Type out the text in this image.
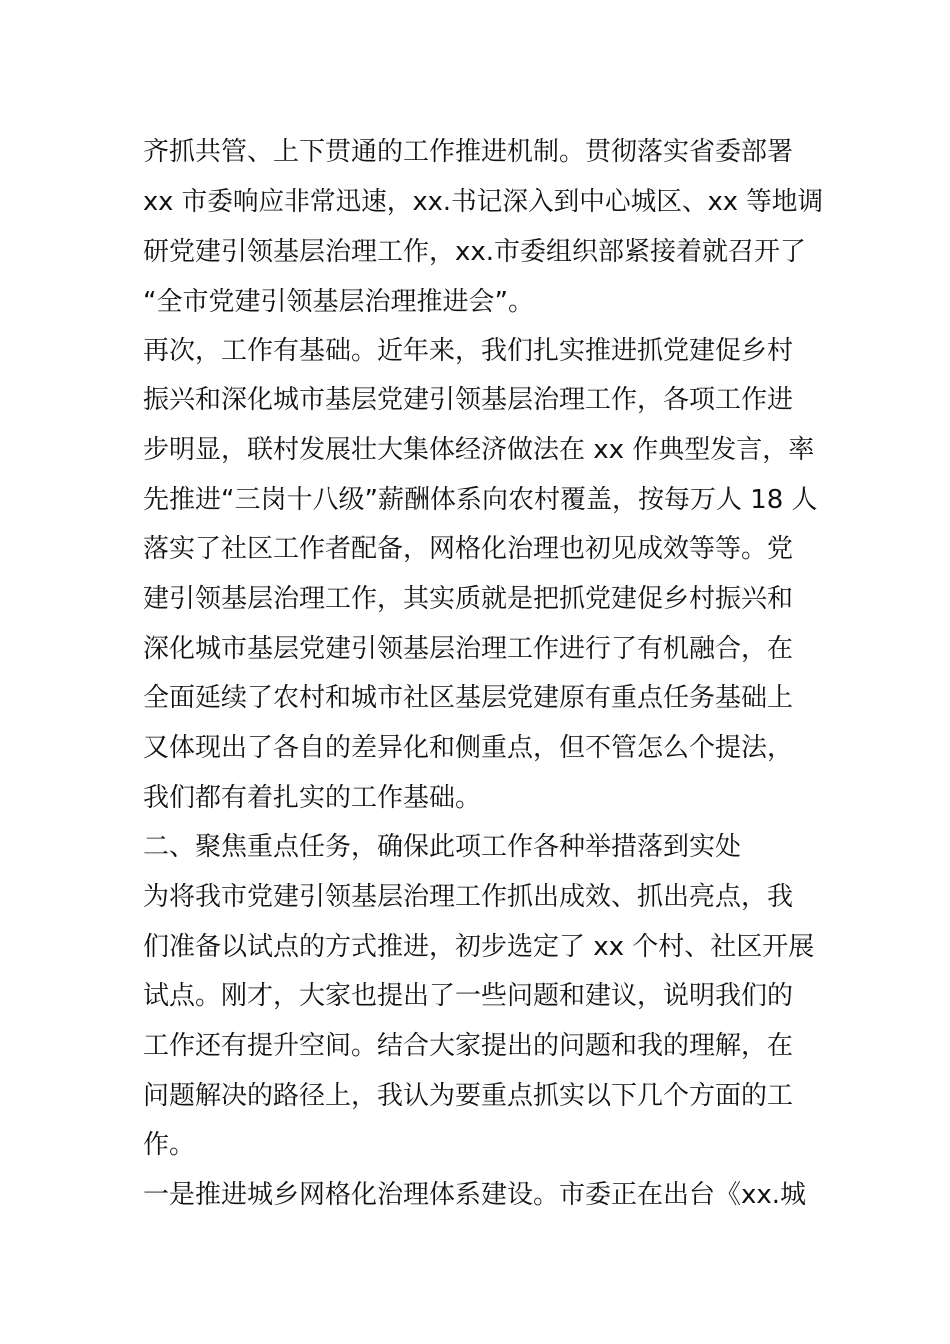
齐抓共管、上下贯通的工作推进机制。贯彻落实省委部署
xx 市委响应非常迅速，xx.书记深入到中心城区、xx 等地调
研党建引领基层治理工作，xx.市委组织部紧接着就召开了
“全市党建引领基层治理推进会”。
再次，工作有基础。近年来，我们扎实推进抓党建促乡村
振兴和深化城市基层党建引领基层治理工作，各项工作进
步明显，联村发展壮大集体经济做法在 xx 作典型发言，率
先推进“三岗十八级”薪酬体系向农村覆盖，按每万人 18 人
落实了社区工作者配备，网格化治理也初见成效等等。党
建引领基层治理工作，其实质就是把抓党建促乡村振兴和
深化城市基层党建引领基层治理工作进行了有机融合，在
全面延续了农村和城市社区基层党建原有重点任务基础上
又体现出了各自的差异化和侧重点，但不管怎么个提法，
我们都有着扎实的工作基础。
二、聚焦重点任务，确保此项工作各种举措落到实处
为将我市党建引领基层治理工作抓出成效、抓出亮点，我
们准备以试点的方式推进，初步选定了 xx 个村、社区开展
试点。刚才，大家也提出了一些问题和建议，说明我们的
工作还有提升空间。结合大家提出的问题和我的理解，在
问题解决的路径上，我认为要重点抓实以下几个方面的工
作。
一是推进城乡网格化治理体系建设。市委正在出台《xx.城
